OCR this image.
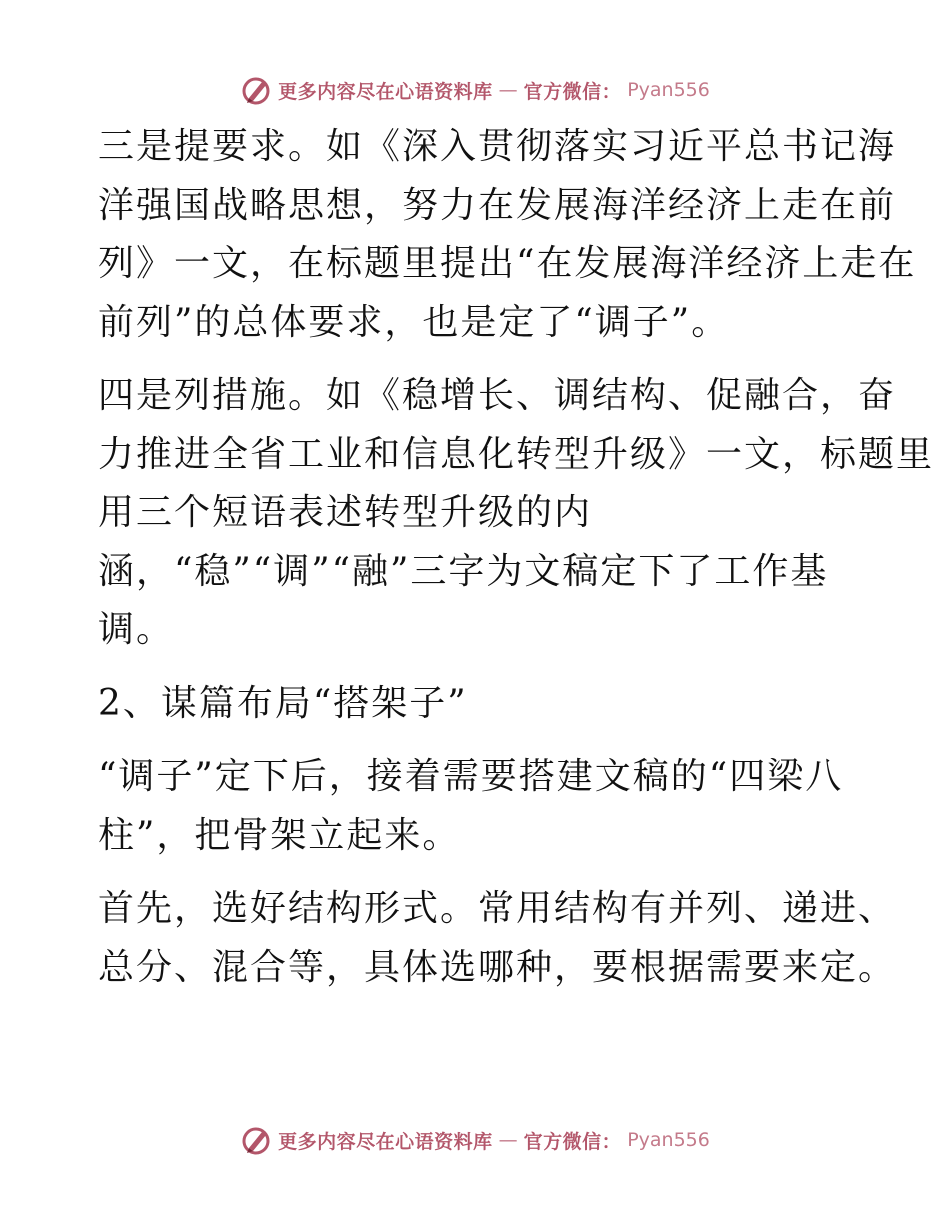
更多内容尽在心语资料库 — 官方微信： Pyan556

三是提要求。如《深入贯彻落实习近平总书记海
洋强国战略思想，努力在发展海洋经济上走在前
列》一文，在标题里提出“在发展海洋经济上走在
前列”的总体要求，也是定了“调子”。

四是列措施。如《稳增长、调结构、促融合，奋
力推进全省工业和信息化转型升级》一文，标题里
用三个短语表述转型升级的内
涵，“稳”“调”“融”三字为文稿定下了工作基
调。

2、谋篇布局“搭架子”

“调子”定下后，接着需要搭建文稿的“四梁八
柱”，把骨架立起来。

首先，选好结构形式。常用结构有并列、递进、
总分、混合等，具体选哪种，要根据需要来定。

更多内容尽在心语资料库 — 官方微信： Pyan556
